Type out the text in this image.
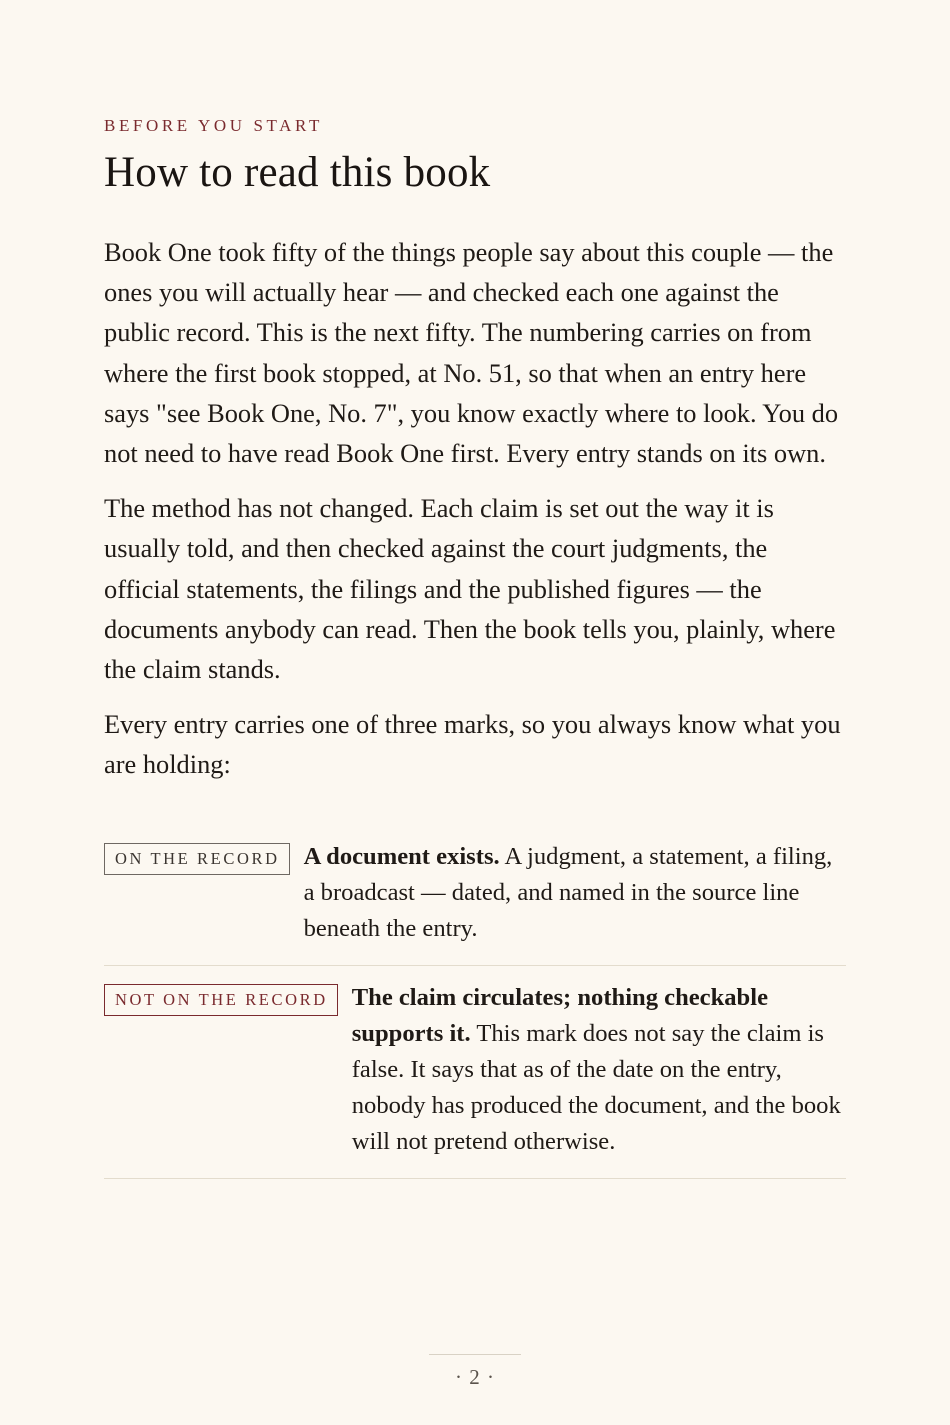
BEFORE YOU START

How to read this book

Book One took fifty of the things people say about this couple — the ones you will actually hear — and checked each one against the public record. This is the next fifty. The numbering carries on from where the first book stopped, at No. 51, so that when an entry here says "see Book One, No. 7", you know exactly where to look. You do not need to have read Book One first. Every entry stands on its own.

The method has not changed. Each claim is set out the way it is usually told, and then checked against the court judgments, the official statements, the filings and the published figures — the documents anybody can read. Then the book tells you, plainly, where the claim stands.

Every entry carries one of three marks, so you always know what you are holding:

ON THE RECORD A document exists. A judgment, a statement, a filing, a broadcast — dated, and named in the source line beneath the entry.

NOT ON THE RECORD The claim circulates; nothing checkable supports it. This mark does not say the claim is false. It says that as of the date on the entry, nobody has produced the document, and the book will not pretend otherwise.

· 2 ·
